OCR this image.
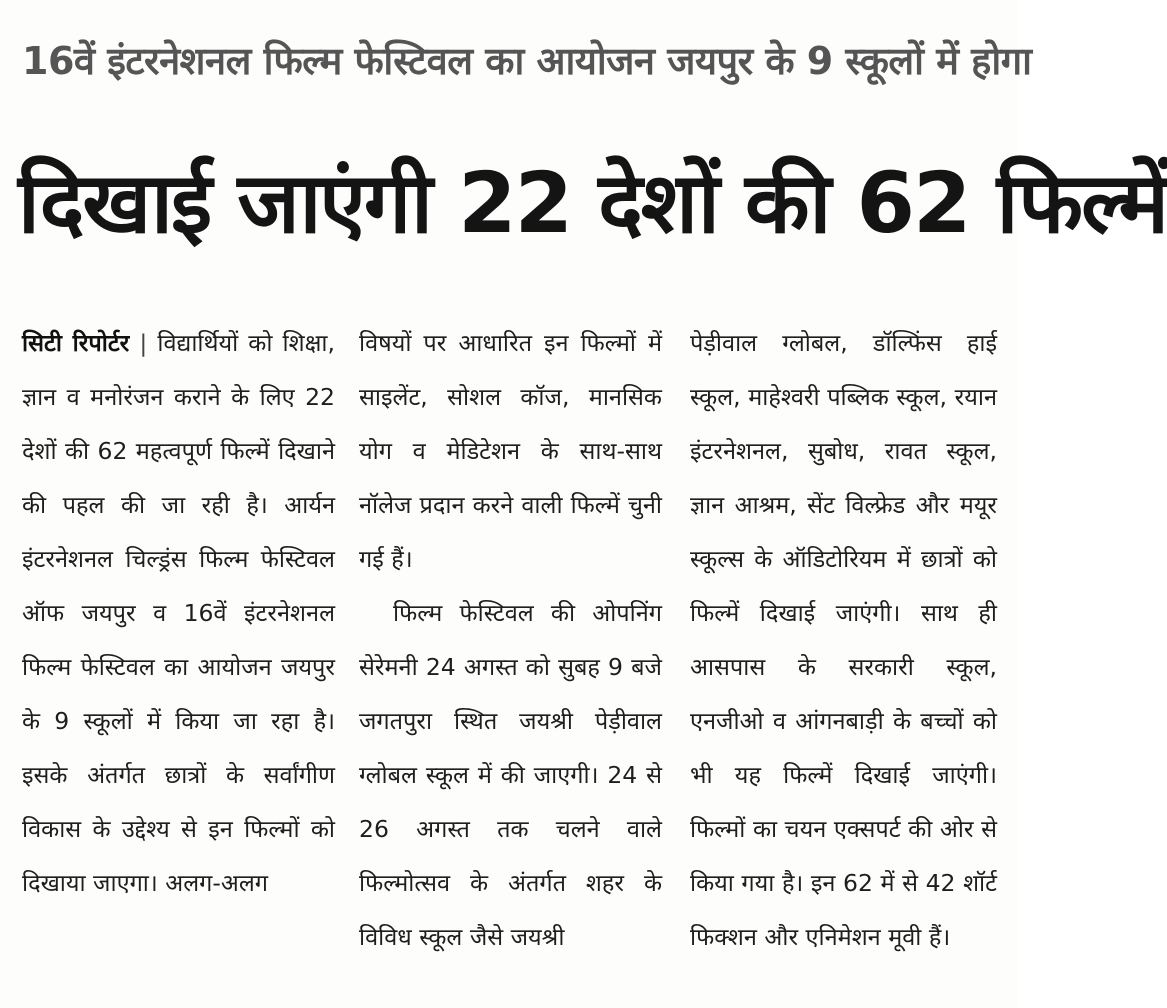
16वें इंटरनेशनल फिल्म फेस्टिवल का आयोजन जयपुर के 9 स्कूलों में होगा
दिखाई जाएंगी 22 देशों की 62 फिल्में

सिटी रिपोर्टर | विद्यार्थियों को शिक्षा, ज्ञान व मनोरंजन कराने के लिए 22 देशों की 62 महत्वपूर्ण फिल्में दिखाने की पहल की जा रही है। आर्यन इंटरनेशनल चिल्ड्रंस फिल्म फेस्टिवल ऑफ जयपुर व 16वें इंटरनेशनल फिल्म फेस्टिवल का आयोजन जयपुर के 9 स्कूलों में किया जा रहा है। इसके अंतर्गत छात्रों के सर्वांगीण विकास के उद्देश्य से इन फिल्मों को दिखाया जाएगा। अलग-अलग

विषयों पर आधारित इन फिल्मों में साइलेंट, सोशल कॉज, मानसिक योग व मेडिटेशन के साथ-साथ नॉलेज प्रदान करने वाली फिल्में चुनी गई हैं।

फिल्म फेस्टिवल की ओपनिंग सेरेमनी 24 अगस्त को सुबह 9 बजे जगतपुरा स्थित जयश्री पेड़ीवाल ग्लोबल स्कूल में की जाएगी। 24 से 26 अगस्त तक चलने वाले फिल्मोत्सव के अंतर्गत शहर के विविध स्कूल जैसे जयश्री

पेड़ीवाल ग्लोबल, डॉल्फिंस हाई स्कूल, माहेश्वरी पब्लिक स्कूल, रयान इंटरनेशनल, सुबोध, रावत स्कूल, ज्ञान आश्रम, सेंट विल्फ्रेड और मयूर स्कूल्स के ऑडिटोरियम में छात्रों को फिल्में दिखाई जाएंगी। साथ ही आसपास के सरकारी स्कूल, एनजीओ व आंगनबाड़ी के बच्चों को भी यह फिल्में दिखाई जाएंगी। फिल्मों का चयन एक्सपर्ट की ओर से किया गया है। इन 62 में से 42 शॉर्ट फिक्शन और एनिमेशन मूवी हैं।
